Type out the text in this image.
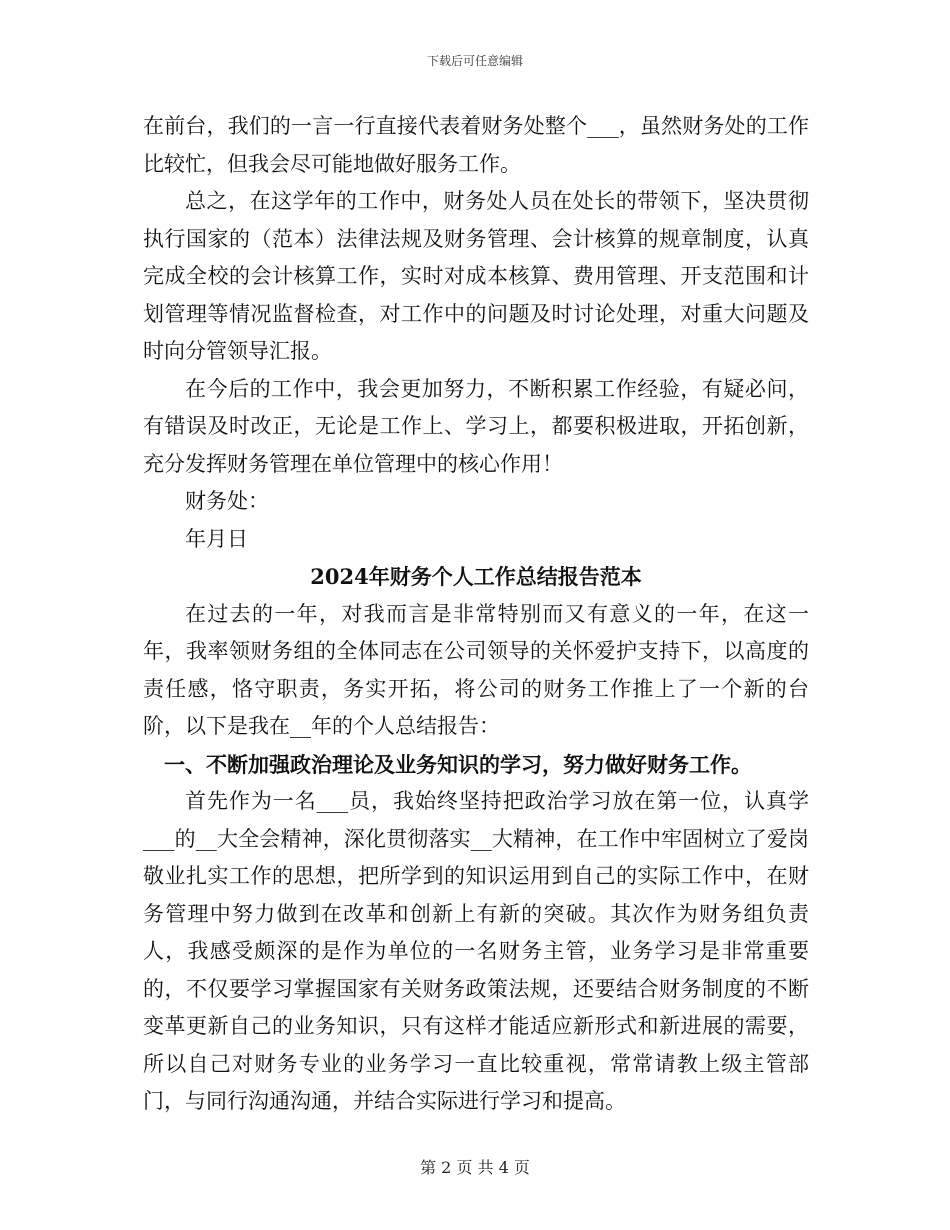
下载后可任意编辑

在前台，我们的一言一行直接代表着财务处整个___，虽然财务处的工作比较忙，但我会尽可能地做好服务工作。

总之，在这学年的工作中，财务处人员在处长的带领下，坚决贯彻执行国家的（范本）法律法规及财务管理、会计核算的规章制度，认真完成全校的会计核算工作，实时对成本核算、费用管理、开支范围和计划管理等情况监督检查，对工作中的问题及时讨论处理，对重大问题及时向分管领导汇报。

在今后的工作中，我会更加努力，不断积累工作经验，有疑必问，有错误及时改正，无论是工作上、学习上，都要积极进取，开拓创新，充分发挥财务管理在单位管理中的核心作用！

财务处：

年月日

2024年财务个人工作总结报告范本

在过去的一年，对我而言是非常特别而又有意义的一年，在这一年，我率领财务组的全体同志在公司领导的关怀爱护支持下，以高度的责任感，恪守职责，务实开拓，将公司的财务工作推上了一个新的台阶，以下是我在__年的个人总结报告：

一、不断加强政治理论及业务知识的学习，努力做好财务工作。

首先作为一名___员，我始终坚持把政治学习放在第一位，认真学___的__大全会精神，深化贯彻落实__大精神，在工作中牢固树立了爱岗敬业扎实工作的思想，把所学到的知识运用到自己的实际工作中，在财务管理中努力做到在改革和创新上有新的突破。其次作为财务组负责人，我感受颇深的是作为单位的一名财务主管，业务学习是非常重要的，不仅要学习掌握国家有关财务政策法规，还要结合财务制度的不断变革更新自己的业务知识，只有这样才能适应新形式和新进展的需要，所以自己对财务专业的业务学习一直比较重视，常常请教上级主管部门，与同行沟通沟通，并结合实际进行学习和提高。

第 2 页 共 4 页
